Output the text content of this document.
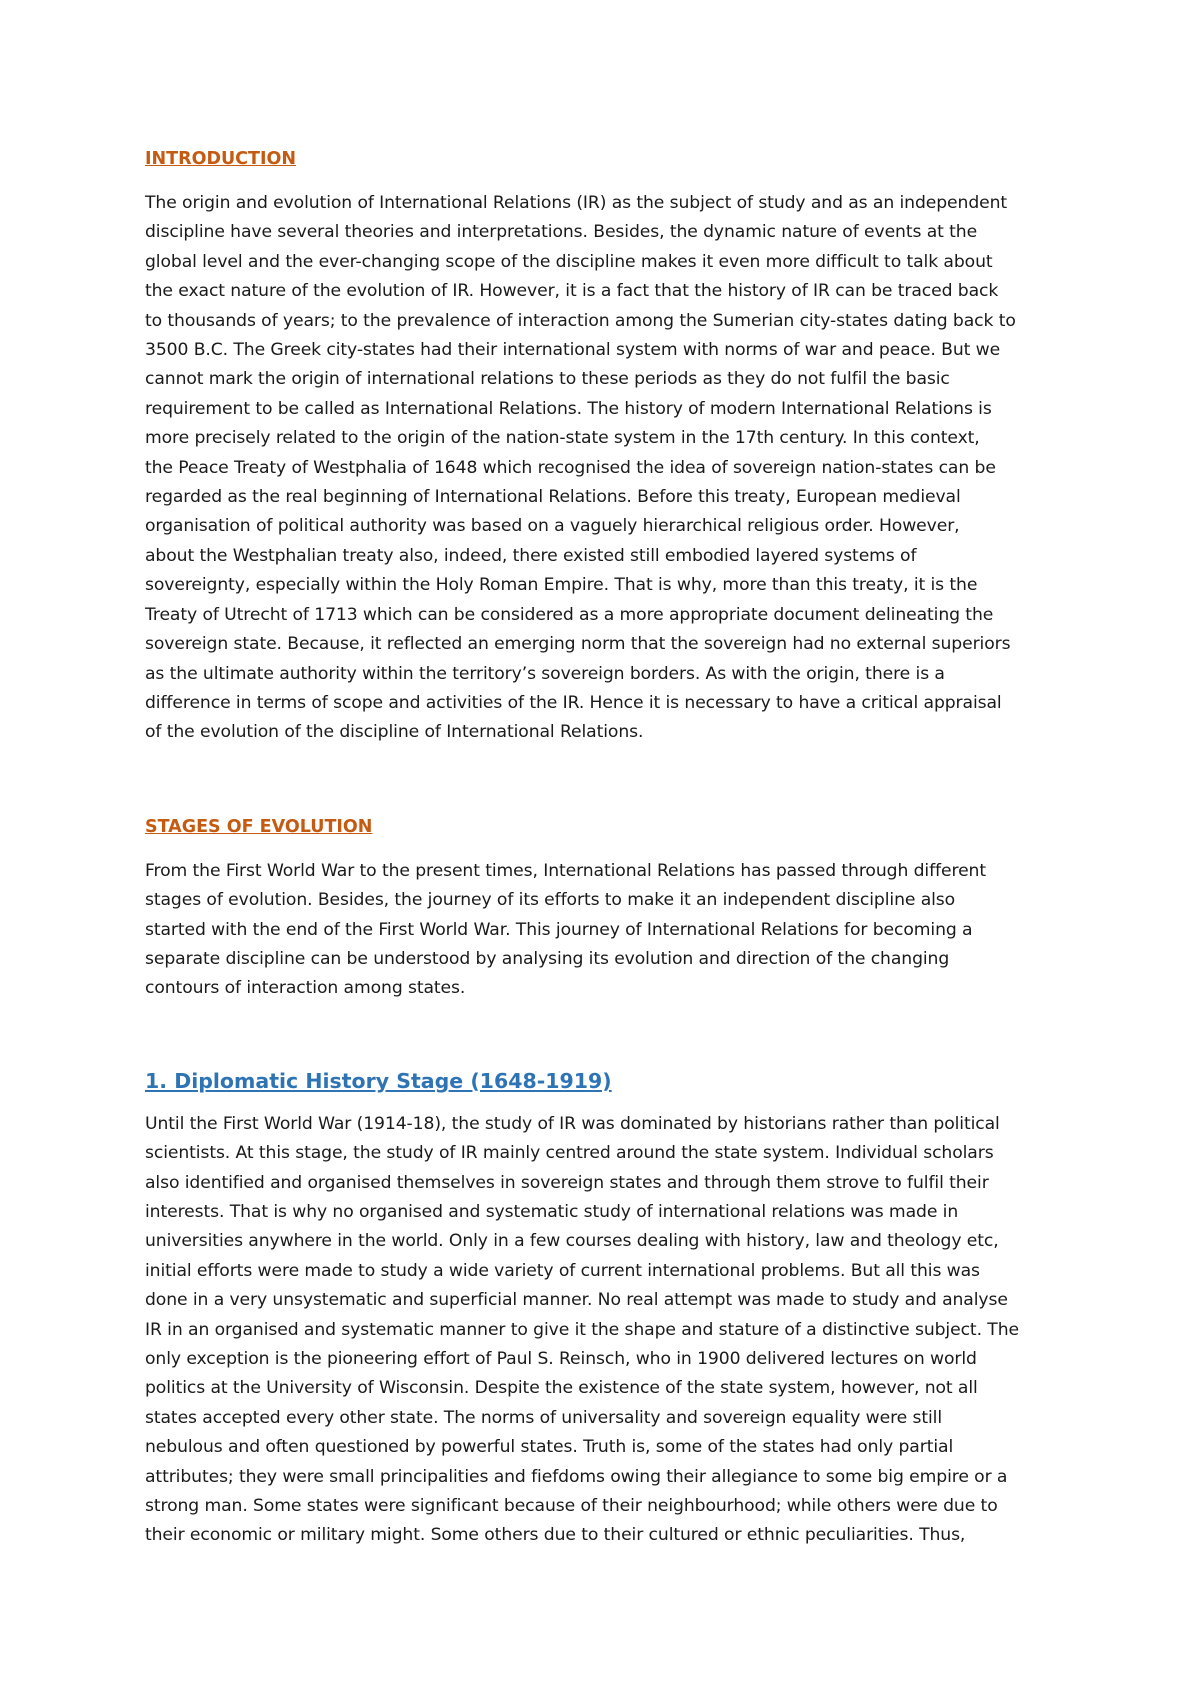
INTRODUCTION

The origin and evolution of International Relations (IR) as the subject of study and as an independent
discipline have several theories and interpretations. Besides, the dynamic nature of events at the
global level and the ever-changing scope of the discipline makes it even more difficult to talk about
the exact nature of the evolution of IR. However, it is a fact that the history of IR can be traced back
to thousands of years; to the prevalence of interaction among the Sumerian city-states dating back to
3500 B.C. The Greek city-states had their international system with norms of war and peace. But we
cannot mark the origin of international relations to these periods as they do not fulfil the basic
requirement to be called as International Relations. The history of modern International Relations is
more precisely related to the origin of the nation-state system in the 17th century. In this context,
the Peace Treaty of Westphalia of 1648 which recognised the idea of sovereign nation-states can be
regarded as the real beginning of International Relations. Before this treaty, European medieval
organisation of political authority was based on a vaguely hierarchical religious order. However,
about the Westphalian treaty also, indeed, there existed still embodied layered systems of
sovereignty, especially within the Holy Roman Empire. That is why, more than this treaty, it is the
Treaty of Utrecht of 1713 which can be considered as a more appropriate document delineating the
sovereign state. Because, it reflected an emerging norm that the sovereign had no external superiors
as the ultimate authority within the territory’s sovereign borders. As with the origin, there is a
difference in terms of scope and activities of the IR. Hence it is necessary to have a critical appraisal
of the evolution of the discipline of International Relations.

STAGES OF EVOLUTION

From the First World War to the present times, International Relations has passed through different
stages of evolution. Besides, the journey of its efforts to make it an independent discipline also
started with the end of the First World War. This journey of International Relations for becoming a
separate discipline can be understood by analysing its evolution and direction of the changing
contours of interaction among states.

1. Diplomatic History Stage (1648-1919)

Until the First World War (1914-18), the study of IR was dominated by historians rather than political
scientists. At this stage, the study of IR mainly centred around the state system. Individual scholars
also identified and organised themselves in sovereign states and through them strove to fulfil their
interests. That is why no organised and systematic study of international relations was made in
universities anywhere in the world. Only in a few courses dealing with history, law and theology etc,
initial efforts were made to study a wide variety of current international problems. But all this was
done in a very unsystematic and superficial manner. No real attempt was made to study and analyse
IR in an organised and systematic manner to give it the shape and stature of a distinctive subject. The
only exception is the pioneering effort of Paul S. Reinsch, who in 1900 delivered lectures on world
politics at the University of Wisconsin. Despite the existence of the state system, however, not all
states accepted every other state. The norms of universality and sovereign equality were still
nebulous and often questioned by powerful states. Truth is, some of the states had only partial
attributes; they were small principalities and fiefdoms owing their allegiance to some big empire or a
strong man. Some states were significant because of their neighbourhood; while others were due to
their economic or military might. Some others due to their cultured or ethnic peculiarities. Thus,
